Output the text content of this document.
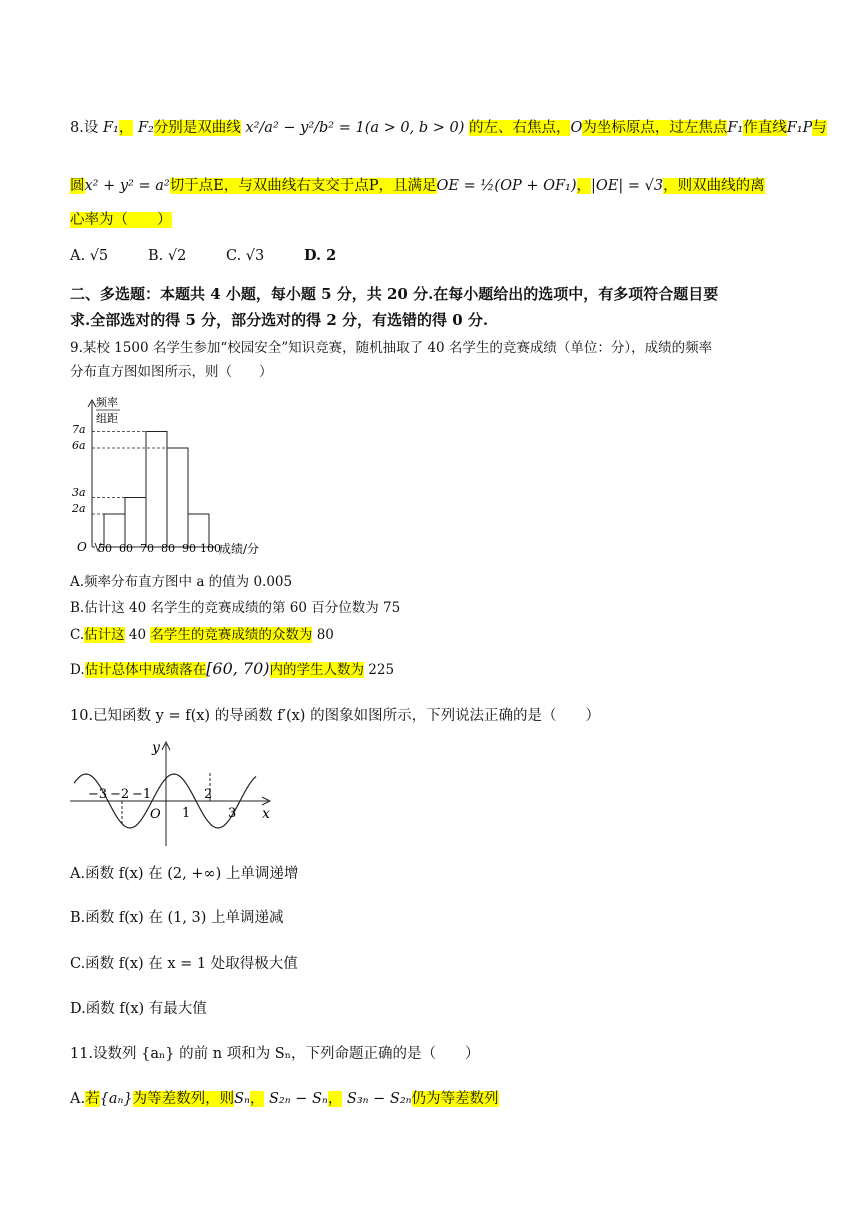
8.设 F₁， F₂分别是双曲线 x²/a² − y²/b² = 1(a > 0, b > 0) 的左、右焦点，O为坐标原点，过左焦点F₁作直线F₁P与
圆x² + y² = a²切于点E，与双曲线右支交于点P，且满足OE = ½(OP + OF₁)，|OE| = √3，则双曲线的离
心率为（　　）
A. √5	B. √2	C. √3	D. 2
二、多选题：本题共 4 小题，每小题 5 分，共 20 分.在每小题给出的选项中，有多项符合题目要
求.全部选对的得 5 分，部分选对的得 2 分，有选错的得 0 分.
9.某校 1500 名学生参加“校园安全”知识竞赛，随机抽取了 40 名学生的竞赛成绩（单位：分），成绩的频率
分布直方图如图所示，则（　　）
频率
组距
7a
6a
3a
2a
O 50 60 70 80 90 100
成绩/分
A.频率分布直方图中 a 的值为 0.005
B.估计这 40 名学生的竞赛成绩的第 60 百分位数为 75
C.估计这 40 名学生的竞赛成绩的众数为 80
D.估计总体中成绩落在[60, 70)内的学生人数为 225
10.已知函数 y = f(x) 的导函数 f′(x) 的图象如图所示，下列说法正确的是（　　）
y
x
O
−3 −2 −1
1
2
3
A.函数 f(x) 在 (2, +∞) 上单调递增
B.函数 f(x) 在 (1, 3) 上单调递减
C.函数 f(x) 在 x = 1 处取得极大值
D.函数 f(x) 有最大值
11.设数列 {aₙ} 的前 n 项和为 Sₙ，下列命题正确的是（　　）
A.若{aₙ}为等差数列，则Sₙ， S₂ₙ − Sₙ， S₃ₙ − S₂ₙ仍为等差数列
